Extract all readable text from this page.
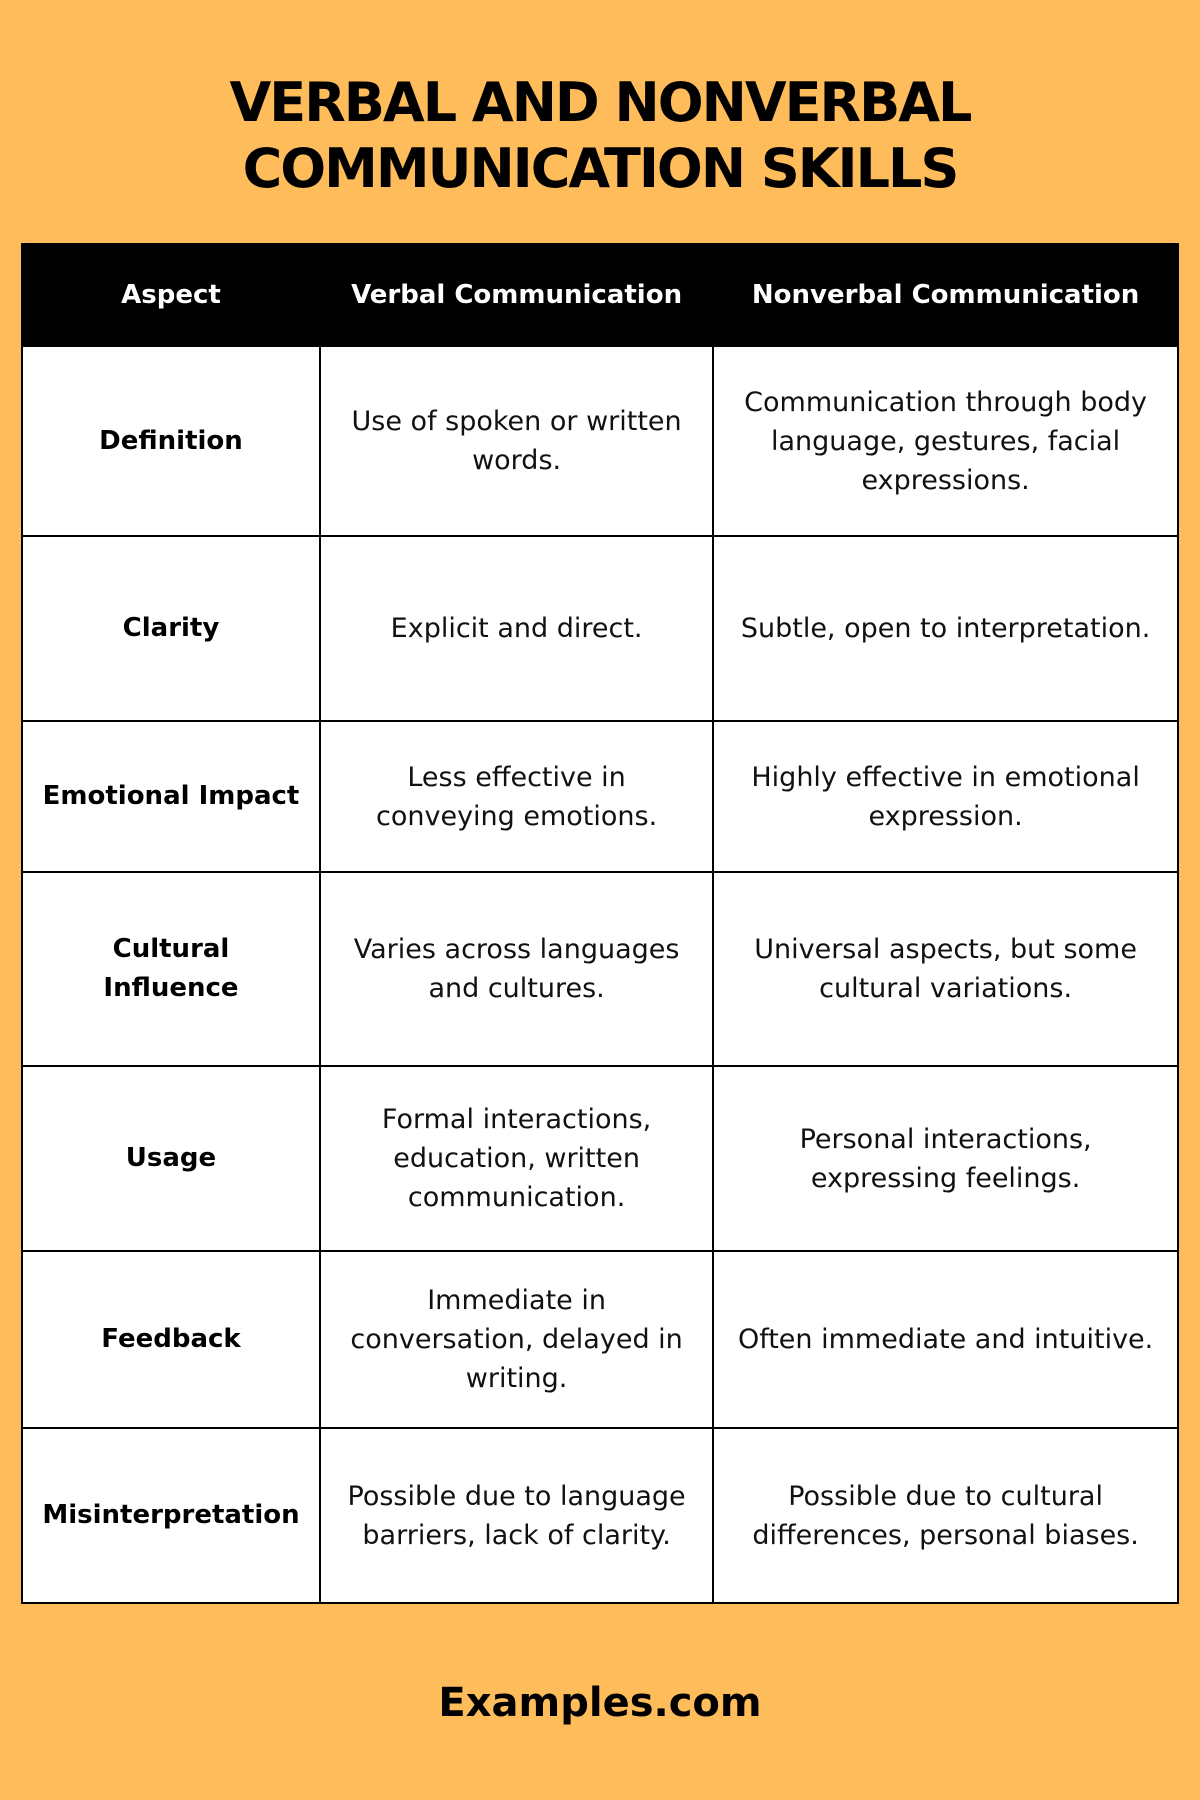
VERBAL AND NONVERBAL
COMMUNICATION SKILLS
Aspect	Verbal Communication	Nonverbal Communication
Definition	Use of spoken or written words.	Communication through body language, gestures, facial expressions.
Clarity	Explicit and direct.	Subtle, open to interpretation.
Emotional Impact	Less effective in conveying emotions.	Highly effective in emotional expression.
Cultural Influence	Varies across languages and cultures.	Universal aspects, but some cultural variations.
Usage	Formal interactions, education, written communication.	Personal interactions, expressing feelings.
Feedback	Immediate in conversation, delayed in writing.	Often immediate and intuitive.
Misinterpretation	Possible due to language barriers, lack of clarity.	Possible due to cultural differences, personal biases.
Examples.com
